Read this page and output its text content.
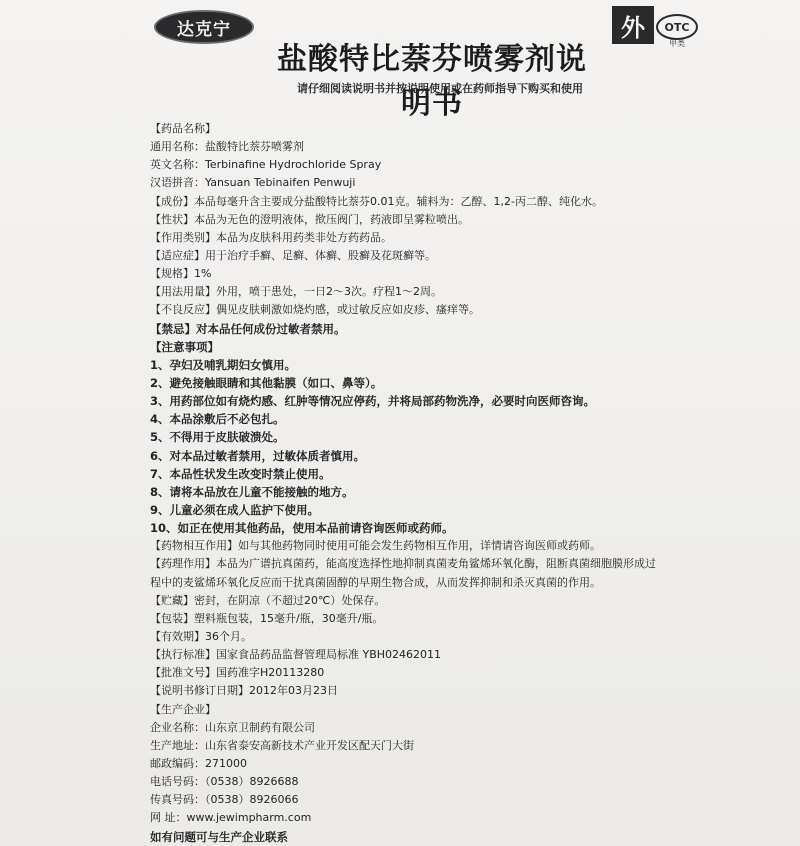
达克宁
盐酸特比萘芬喷雾剂说明书
请仔细阅读说明书并按说明使用或在药师指导下购买和使用
外	OTC
甲类
【药品名称】
通用名称：盐酸特比萘芬喷雾剂
英文名称：Terbinafine Hydrochloride Spray
汉语拼音：Yansuan Tebinaifen Penwuji
【成份】本品每毫升含主要成分盐酸特比萘芬0.01克。辅料为：乙醇、1,2-丙二醇、纯化水。
【性状】本品为无色的澄明液体，揿压阀门，药液即呈雾粒喷出。
【作用类别】本品为皮肤科用药类非处方药药品。
【适应症】用于治疗手癣、足癣、体癣、股癣及花斑癣等。
【规格】1%
【用法用量】外用，喷于患处，一日2～3次。疗程1～2周。
【不良反应】偶见皮肤刺激如烧灼感，或过敏反应如皮疹、瘙痒等。
【禁忌】对本品任何成份过敏者禁用。
【注意事项】
1、孕妇及哺乳期妇女慎用。
2、避免接触眼睛和其他黏膜（如口、鼻等）。
3、用药部位如有烧灼感、红肿等情况应停药，并将局部药物洗净，必要时向医师咨询。
4、本品涂敷后不必包扎。
5、不得用于皮肤破溃处。
6、对本品过敏者禁用，过敏体质者慎用。
7、本品性状发生改变时禁止使用。
8、请将本品放在儿童不能接触的地方。
9、儿童必须在成人监护下使用。
10、如正在使用其他药品，使用本品前请咨询医师或药师。
【药物相互作用】如与其他药物同时使用可能会发生药物相互作用，详情请咨询医师或药师。
【药理作用】本品为广谱抗真菌药，能高度选择性地抑制真菌麦角鲨烯环氧化酶，阻断真菌细胞膜形成过程中的麦鲨烯环氧化反应而干扰真菌固醇的早期生物合成，从而发挥抑制和杀灭真菌的作用。
【贮藏】密封，在阴凉（不超过20℃）处保存。
【包装】塑料瓶包装，15毫升/瓶，30毫升/瓶。
【有效期】36个月。
【执行标准】国家食品药品监督管理局标准 YBH02462011
【批准文号】国药准字H20113280
【说明书修订日期】2012年03月23日
【生产企业】
企业名称：山东京卫制药有限公司
生产地址：山东省泰安高新技术产业开发区配天门大街
邮政编码：271000
电话号码：（0538）8926688
传真号码：（0538）8926066
网 址：www.jewimpharm.com
如有问题可与生产企业联系
